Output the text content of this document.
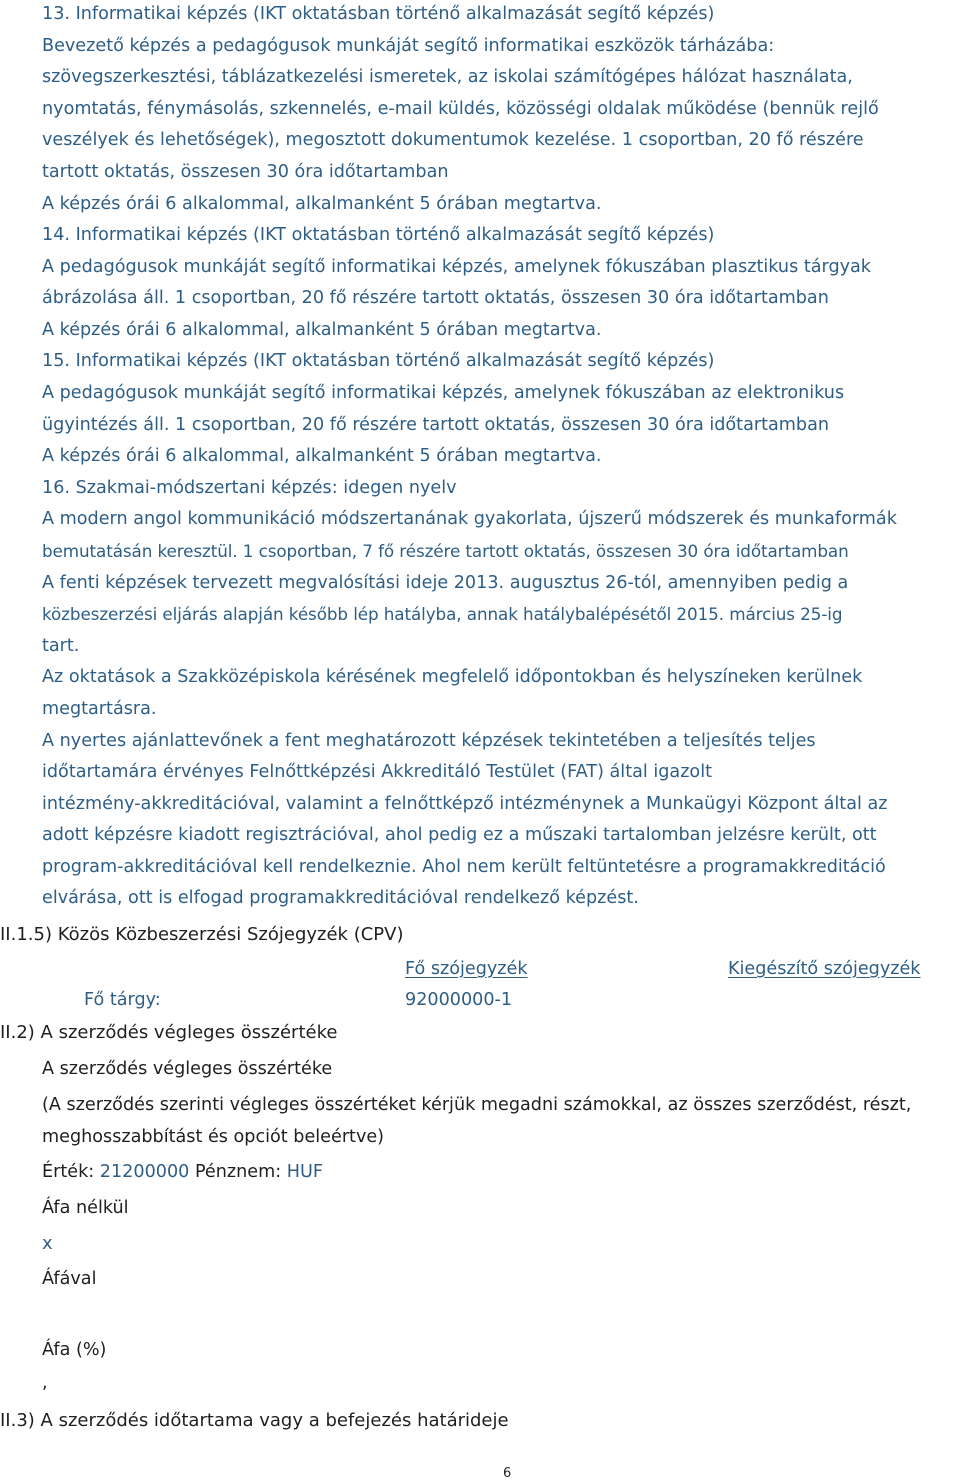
13. Informatikai képzés (IKT oktatásban történő alkalmazását segítő képzés)
Bevezető képzés a pedagógusok munkáját segítő informatikai eszközök tárházába:
szövegszerkesztési, táblázatkezelési ismeretek, az iskolai számítógépes hálózat használata,
nyomtatás, fénymásolás, szkennelés, e-mail küldés, közösségi oldalak működése (bennük rejlő
veszélyek és lehetőségek), megosztott dokumentumok kezelése. 1 csoportban, 20 fő részére
tartott oktatás, összesen 30 óra időtartamban
A képzés órái 6 alkalommal, alkalmanként 5 órában megtartva.
14. Informatikai képzés (IKT oktatásban történő alkalmazását segítő képzés)
A pedagógusok munkáját segítő informatikai képzés, amelynek fókuszában plasztikus tárgyak
ábrázolása áll. 1 csoportban, 20 fő részére tartott oktatás, összesen 30 óra időtartamban
A képzés órái 6 alkalommal, alkalmanként 5 órában megtartva.
15. Informatikai képzés (IKT oktatásban történő alkalmazását segítő képzés)
A pedagógusok munkáját segítő informatikai képzés, amelynek fókuszában az elektronikus
ügyintézés áll. 1 csoportban, 20 fő részére tartott oktatás, összesen 30 óra időtartamban
A képzés órái 6 alkalommal, alkalmanként 5 órában megtartva.
16. Szakmai-módszertani képzés: idegen nyelv
A modern angol kommunikáció módszertanának gyakorlata, újszerű módszerek és munkaformák
bemutatásán keresztül. 1 csoportban, 7 fő részére tartott oktatás, összesen 30 óra időtartamban
A fenti képzések tervezett megvalósítási ideje 2013. augusztus 26-tól, amennyiben pedig a
közbeszerzési eljárás alapján később lép hatályba, annak hatálybalépésétől 2015. március 25-ig
tart.
Az oktatások a Szakközépiskola kérésének megfelelő időpontokban és helyszíneken kerülnek
megtartásra.
A nyertes ajánlattevőnek a fent meghatározott képzések tekintetében a teljesítés teljes
időtartamára érvényes Felnőttképzési Akkreditáló Testület (FAT) által igazolt
intézmény-akkreditációval, valamint a felnőttképző intézménynek a Munkaügyi Központ által az
adott képzésre kiadott regisztrációval, ahol pedig ez a műszaki tartalomban jelzésre került, ott
program-akkreditációval kell rendelkeznie. Ahol nem került feltüntetésre a programakkreditáció
elvárása, ott is elfogad programakkreditációval rendelkező képzést.
II.1.5) Közös Közbeszerzési Szójegyzék (CPV)
Fő szójegyzék	Kiegészítő szójegyzék
Fő tárgy:	92000000-1
II.2) A szerződés végleges összértéke
A szerződés végleges összértéke
(A szerződés szerinti végleges összértéket kérjük megadni számokkal, az összes szerződést, részt,
meghosszabbítást és opciót beleértve)
Érték: 21200000 Pénznem: HUF
Áfa nélkül
x
Áfával
Áfa (%)
,
II.3) A szerződés időtartama vagy a befejezés határideje
6
